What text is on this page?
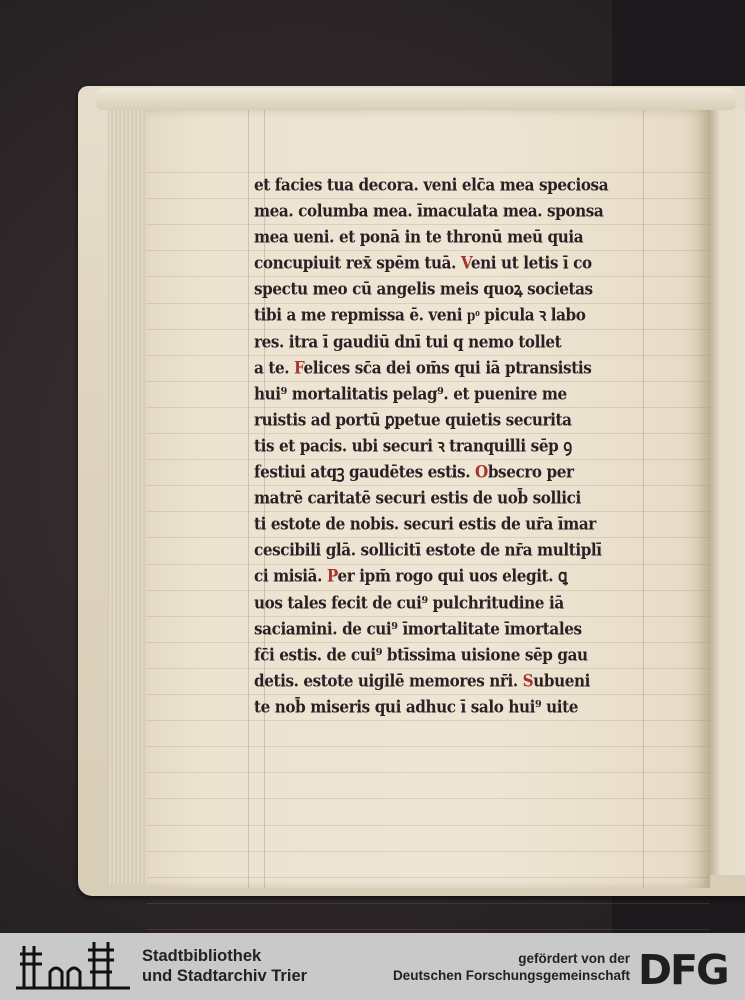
et facies tua decora. veni elc̄a mea speciosa
mea. columba mea. īmaculata mea. sponsa
mea ueni. et ponā in te thronū meū quia
concupiuit rex̄ spēm tuā. Veni ut letis ī co
spectu meo cū angelis meis quoꝝ societas
tibi a me repmissa ē. veni pͦ picula ꝛ labo
res. itra ī gaudiū dnī tui q nemo tollet
a te. Felices sc̄a dei om̄s qui iā ptransistis
hui⁹ mortalitatis pelag⁹. et puenire me
ruistis ad portū ꝑpetue quietis securita
tis et pacis. ubi securi ꝛ tranquilli sēp ꝯ
festiui atqꝫ gaudētes estis. Obsecro per
matrē caritatē securi estis de uob̄ sollici
ti estote de nobis. securi estis de ur̄a īmar
cescibili glā. sollicitī estote de nr̄a multiplī
ci misiā. Per ipm̄ rogo qui uos elegit. ꝗ
uos tales fecit de cui⁹ pulchritudine iā
saciamini. de cui⁹ īmortalitate īmortales
fc̄i estis. de cui⁹ btīssima uisione sēp gau
detis. estote uigilē memores nr̄i. Subueni
te nob̄ miseris qui adhuc ī salo hui⁹ uite
Stadtbibliothek
und Stadtarchiv Trier
gefördert von der
Deutschen Forschungsgemeinschaft DFG
